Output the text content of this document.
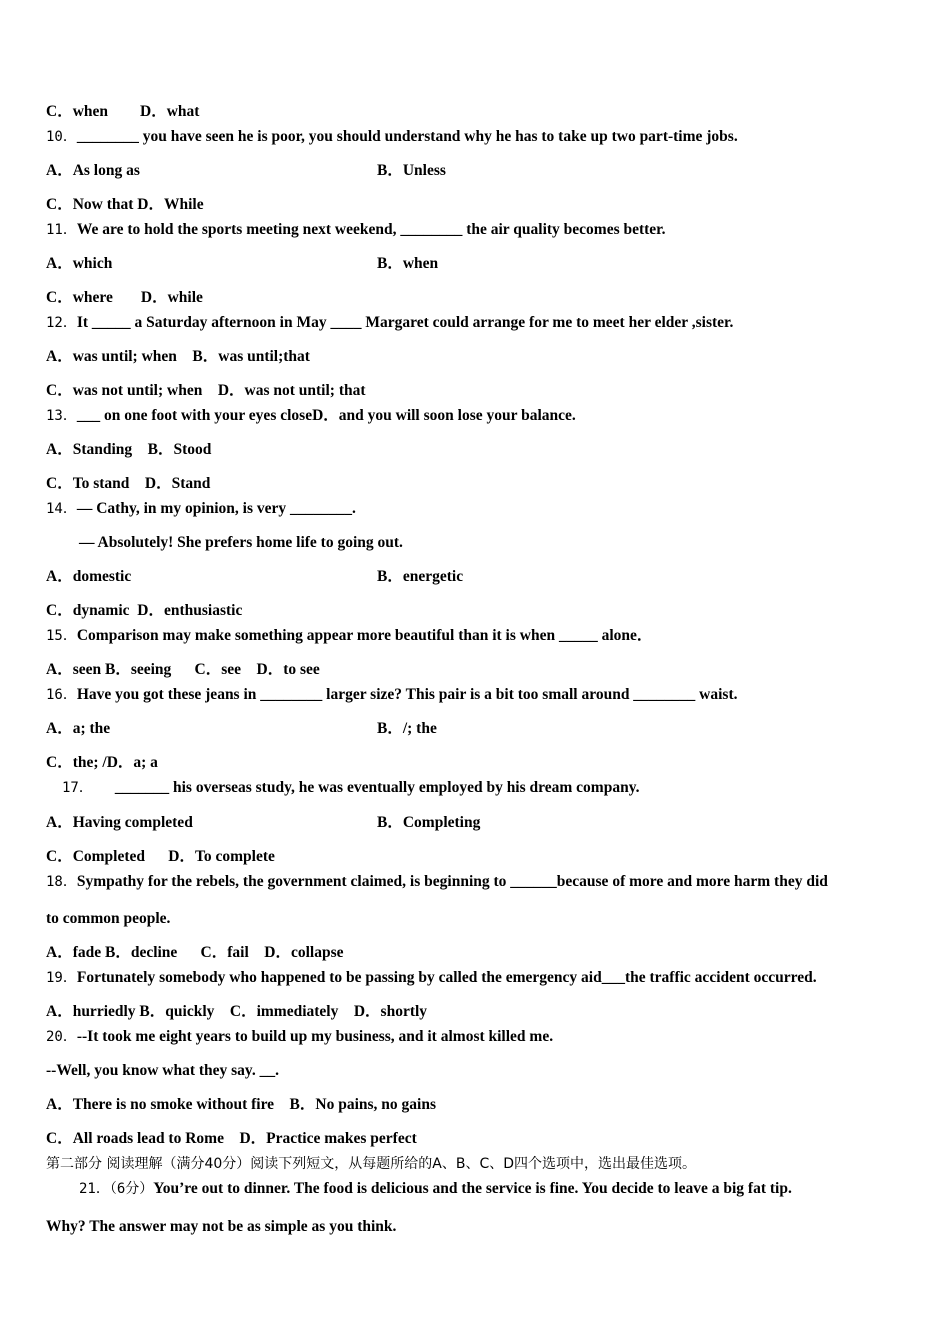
C．when D．what
10．________ you have seen he is poor, you should understand why he has to take up two part-time jobs.
A．As long as	B．Unless
C．Now that D．While
11．We are to hold the sports meeting next weekend, ________ the air quality becomes better.
A．which	B．when
C．where D．while
12．It _____ a Saturday afternoon in May ____ Margaret could arrange for me to meet her elder ,sister.
A．was until; when    B．was until;that
C．was not until; when    D．was not until; that
13．___ on one foot with your eyes closeD．and you will soon lose your balance.
A．Standing    B．Stood
C．To stand    D．Stand
14．— Cathy, in my opinion, is very ________.
— Absolutely! She prefers home life to going out.
A．domestic	B．energetic
C．dynamic  D．enthusiastic
15．Comparison may make something appear more beautiful than it is when _____ alone．
A．seen B．seeing      C．see    D．to see
16．Have you got these jeans in ________ larger size? This pair is a bit too small around ________ waist.
A．a; the	B．/; the
C．the; /D．a; a
17． _______ his overseas study, he was eventually employed by his dream company.
A．Having completed	B．Completing
C．Completed      D．To complete
18．Sympathy for the rebels, the government claimed, is beginning to ______because of more and more harm they did
to common people.
A．fade B．decline      C．fail    D．collapse
19．Fortunately somebody who happened to be passing by called the emergency aid___the traffic accident occurred.
A．hurriedly B．quickly    C．immediately    D．shortly
20．--It took me eight years to build up my business, and it almost killed me.
--Well, you know what they say. __.
A．There is no smoke without fire    B．No pains, no gains
C．All roads lead to Rome    D．Practice makes perfect
第二部分 阅读理解（满分40分）阅读下列短文，从每题所给的A、B、C、D四个选项中，选出最佳选项。
21．（6分）You’re out to dinner. The food is delicious and the service is fine. You decide to leave a big fat tip.
Why? The answer may not be as simple as you think.
